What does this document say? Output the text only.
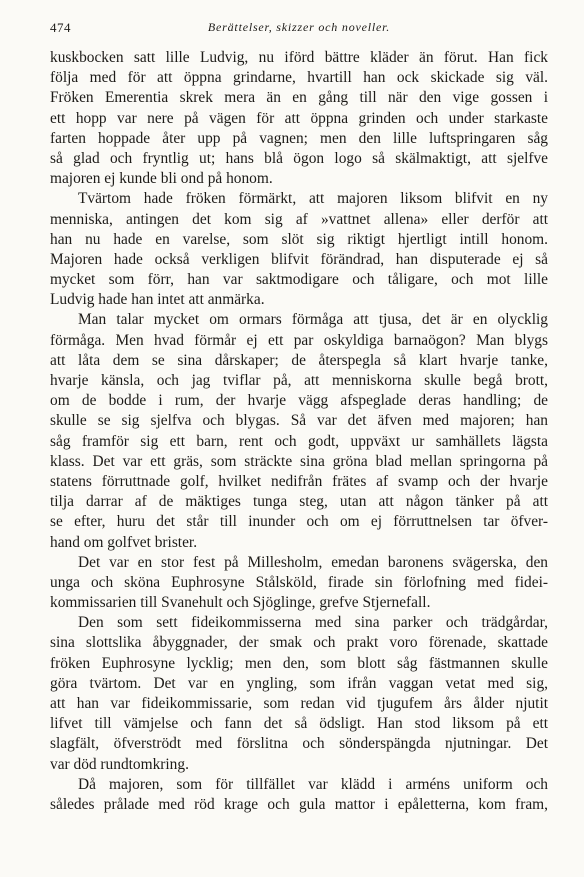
474	Berättelser, skizzer och noveller.
kuskbocken satt lille Ludvig, nu iförd bättre kläder än förut. Han fick
följa med för att öppna grindarne, hvartill han ock skickade sig väl.
Fröken Emerentia skrek mera än en gång till när den vige gossen i
ett hopp var nere på vägen för att öppna grinden och under starkaste
farten hoppade åter upp på vagnen; men den lille luftspringaren såg
så glad och fryntlig ut; hans blå ögon logo så skälmaktigt, att sjelfve
majoren ej kunde bli ond på honom.
Tvärtom hade fröken förmärkt, att majoren liksom blifvit en ny
menniska, antingen det kom sig af »vattnet allena» eller derför att
han nu hade en varelse, som slöt sig riktigt hjertligt intill honom.
Majoren hade också verkligen blifvit förändrad, han disputerade ej så
mycket som förr, han var saktmodigare och tåligare, och mot lille
Ludvig hade han intet att anmärka.
Man talar mycket om ormars förmåga att tjusa, det är en olycklig
förmåga. Men hvad förmår ej ett par oskyldiga barnaögon? Man blygs
att låta dem se sina dårskaper; de återspegla så klart hvarje tanke,
hvarje känsla, och jag tviflar på, att menniskorna skulle begå brott,
om de bodde i rum, der hvarje vägg afspeglade deras handling; de
skulle se sig sjelfva och blygas. Så var det äfven med majoren; han
såg framför sig ett barn, rent och godt, uppväxt ur samhällets lägsta
klass. Det var ett gräs, som sträckte sina gröna blad mellan springorna på
statens förruttnade golf, hvilket nedifrån frätes af svamp och der hvarje
tilja darrar af de mäktiges tunga steg, utan att någon tänker på att
se efter, huru det står till inunder och om ej förruttnelsen tar öfver-
hand om golfvet brister.
Det var en stor fest på Millesholm, emedan baronens svägerska, den
unga och sköna Euphrosyne Stålsköld, firade sin förlofning med fidei-
kommissarien till Svanehult och Sjöglinge, grefve Stjernefall.
Den som sett fideikommisserna med sina parker och trädgårdar,
sina slottslika åbyggnader, der smak och prakt voro förenade, skattade
fröken Euphrosyne lycklig; men den, som blott såg fästmannen skulle
göra tvärtom. Det var en yngling, som ifrån vaggan vetat med sig,
att han var fideikommissarie, som redan vid tjugufem års ålder njutit
lifvet till vämjelse och fann det så ödsligt. Han stod liksom på ett
slagfält, öfverströdt med förslitna och sönderspängda njutningar. Det
var död rundtomkring.
Då majoren, som för tillfället var klädd i arméns uniform och
således prålade med röd krage och gula mattor i epåletterna, kom fram,
